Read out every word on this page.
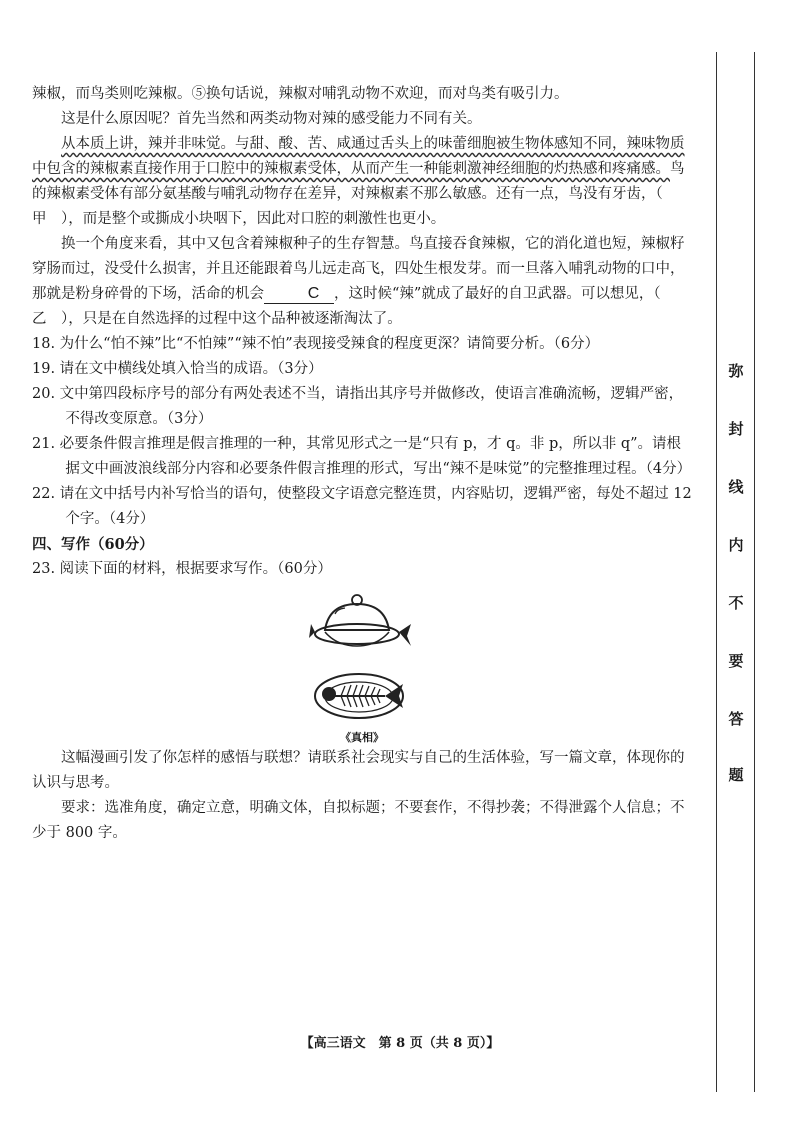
辣椒，而鸟类则吃辣椒。⑤换句话说，辣椒对哺乳动物不欢迎，而对鸟类有吸引力。

这是什么原因呢？首先当然和两类动物对辣的感受能力不同有关。

从本质上讲，辣并非味觉。与甜、酸、苦、咸通过舌头上的味蕾细胞被生物体感知不同，辣味物质中包含的辣椒素直接作用于口腔中的辣椒素受体，从而产生一种能刺激神经细胞的灼热感和疼痛感。鸟的辣椒素受体有部分氨基酸与哺乳动物存在差异，对辣椒素不那么敏感。还有一点，鸟没有牙齿，（　甲　），而是整个或撕成小块咽下，因此对口腔的刺激性也更小。

换一个角度来看，其中又包含着辣椒种子的生存智慧。鸟直接吞食辣椒，它的消化道也短，辣椒籽穿肠而过，没受什么损害，并且还能跟着鸟儿远走高飞，四处生根发芽。而一旦落入哺乳动物的口中，那就是粉身碎骨的下场，活命的机会	C ，这时候“辣”就成了最好的自卫武器。可以想见，（　乙　），只是在自然选择的过程中这个品种被逐渐淘汰了。

18. 为什么“怕不辣”比“不怕辣”“辣不怕”表现接受辣食的程度更深？请简要分析。（6分）

19. 请在文中横线处填入恰当的成语。（3分）

20. 文中第四段标序号的部分有两处表述不当，请指出其序号并做修改，使语言准确流畅，逻辑严密，不得改变原意。（3分）

21. 必要条件假言推理是假言推理的一种，其常见形式之一是“只有 p，才 q。非 p，所以非 q”。请根据文中画波浪线部分内容和必要条件假言推理的形式，写出“辣不是味觉”的完整推理过程。（4分）

22. 请在文中括号内补写恰当的语句，使整段文字语意完整连贯，内容贴切，逻辑严密，每处不超过 12 个字。（4分）

四、写作（60分）

23. 阅读下面的材料，根据要求写作。（60分）

《真相》

这幅漫画引发了你怎样的感悟与联想？请联系社会现实与自己的生活体验，写一篇文章，体现你的认识与思考。

要求：选准角度，确定立意，明确文体，自拟标题；不要套作，不得抄袭；不得泄露个人信息；不少于 800 字。

【高三语文　第 8 页（共 8 页）】
弥
封
线
内
不
要
答
题
